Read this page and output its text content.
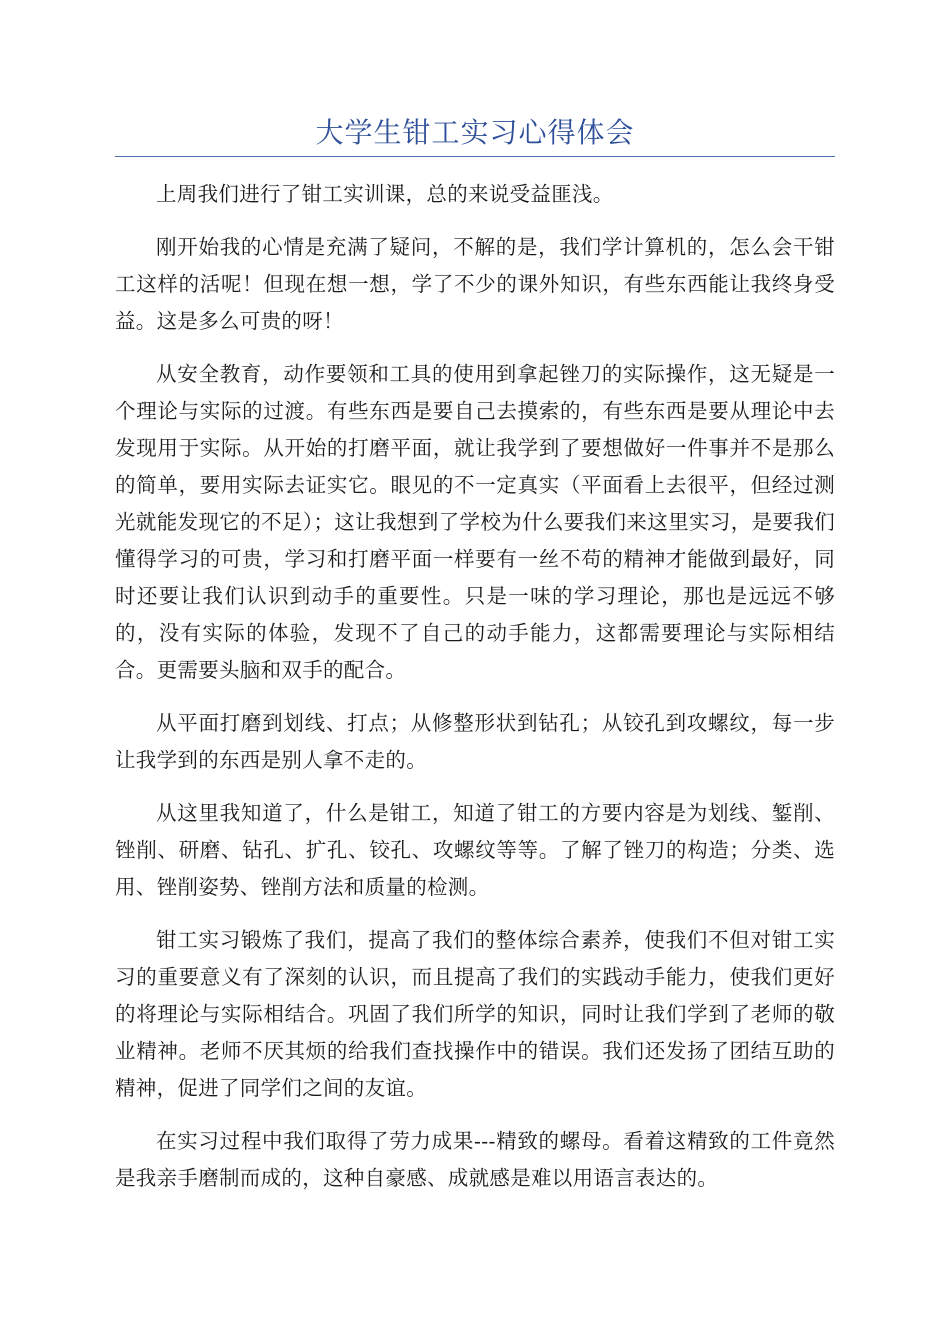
大学生钳工实习心得体会

上周我们进行了钳工实训课，总的来说受益匪浅。

刚开始我的心情是充满了疑问，不解的是，我们学计算机的，怎么会干钳工这样的活呢！但现在想一想，学了不少的课外知识，有些东西能让我终身受益。这是多么可贵的呀！

从安全教育，动作要领和工具的使用到拿起锉刀的实际操作，这无疑是一个理论与实际的过渡。有些东西是要自己去摸索的，有些东西是要从理论中去发现用于实际。从开始的打磨平面，就让我学到了要想做好一件事并不是那么的简单，要用实际去证实它。眼见的不一定真实（平面看上去很平，但经过测光就能发现它的不足）；这让我想到了学校为什么要我们来这里实习，是要我们懂得学习的可贵，学习和打磨平面一样要有一丝不苟的精神才能做到最好，同时还要让我们认识到动手的重要性。只是一味的学习理论，那也是远远不够的，没有实际的体验，发现不了自己的动手能力，这都需要理论与实际相结合。更需要头脑和双手的配合。

从平面打磨到划线、打点；从修整形状到钻孔；从铰孔到攻螺纹，每一步让我学到的东西是别人拿不走的。

从这里我知道了，什么是钳工，知道了钳工的方要内容是为划线、錾削、锉削、研磨、钻孔、扩孔、铰孔、攻螺纹等等。了解了锉刀的构造；分类、选用、锉削姿势、锉削方法和质量的检测。

钳工实习锻炼了我们，提高了我们的整体综合素养，使我们不但对钳工实习的重要意义有了深刻的认识，而且提高了我们的实践动手能力，使我们更好的将理论与实际相结合。巩固了我们所学的知识，同时让我们学到了老师的敬业精神。老师不厌其烦的给我们查找操作中的错误。我们还发扬了团结互助的精神，促进了同学们之间的友谊。

在实习过程中我们取得了劳力成果---精致的螺母。看着这精致的工件竟然是我亲手磨制而成的，这种自豪感、成就感是难以用语言表达的。
